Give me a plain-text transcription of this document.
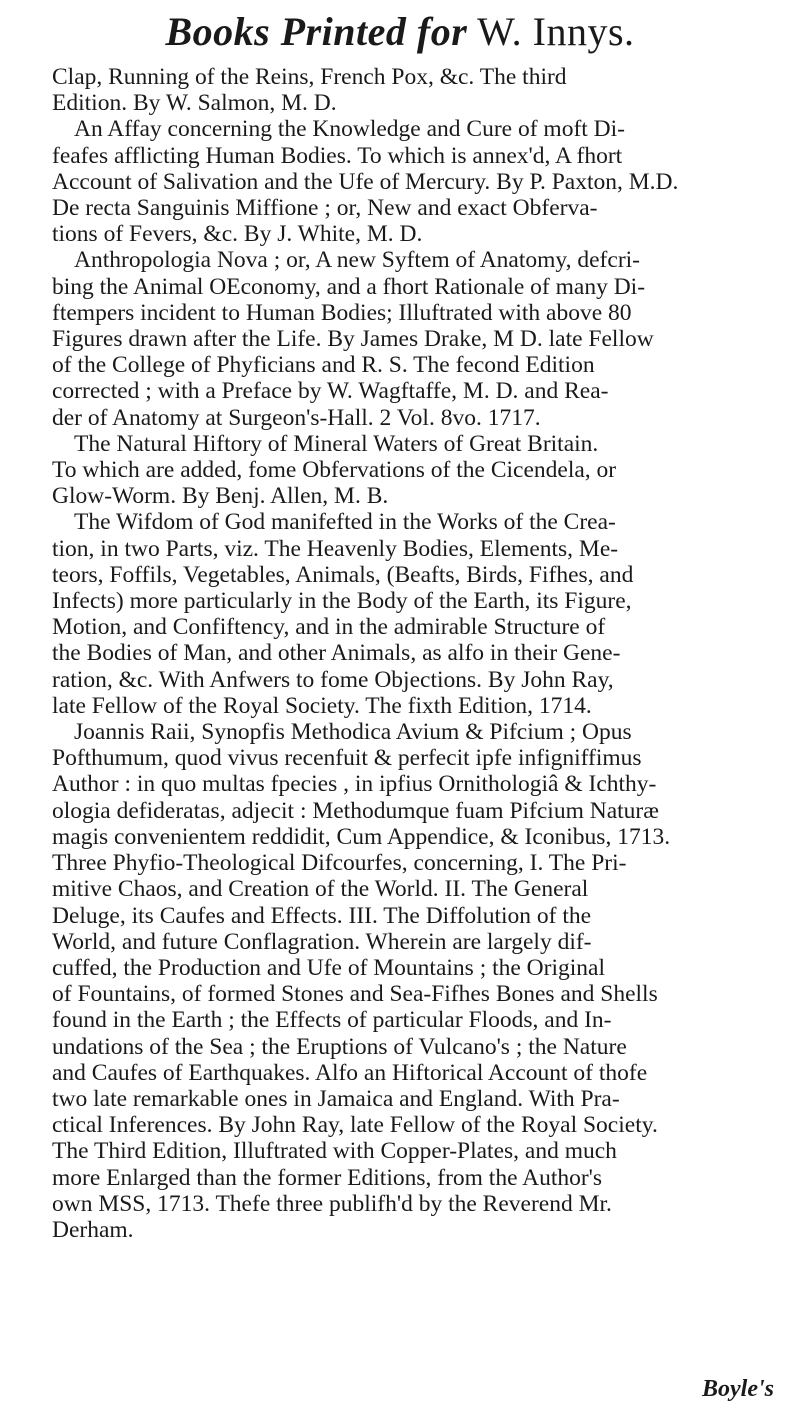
Books Printed for W. Innys.
Clap, Running of the Reins, French Pox, &c. The third
Edition. By W. Salmon, M. D.
An Affay concerning the Knowledge and Cure of moft Di-
feafes afflicting Human Bodies. To which is annex'd, A fhort
Account of Salivation and the Ufe of Mercury. By P. Paxton, M.D.
De recta Sanguinis Miffione ; or, New and exact Obferva-
tions of Fevers, &c. By J. White, M. D.
Anthropologia Nova ; or, A new Syftem of Anatomy, defcri-
bing the Animal OEconomy, and a fhort Rationale of many Di-
ftempers incident to Human Bodies; Illuftrated with above 80
Figures drawn after the Life. By James Drake, M D. late Fellow
of the College of Phyficians and R. S. The fecond Edition
corrected ; with a Preface by W. Wagftaffe, M. D. and Rea-
der of Anatomy at Surgeon's-Hall. 2 Vol. 8vo. 1717.
The Natural Hiftory of Mineral Waters of Great Britain.
To which are added, fome Obfervations of the Cicendela, or
Glow-Worm. By Benj. Allen, M. B.
The Wifdom of God manifefted in the Works of the Crea-
tion, in two Parts, viz. The Heavenly Bodies, Elements, Me-
teors, Foffils, Vegetables, Animals, (Beafts, Birds, Fifhes, and
Infects) more particularly in the Body of the Earth, its Figure,
Motion, and Confiftency, and in the admirable Structure of
the Bodies of Man, and other Animals, as alfo in their Gene-
ration, &c. With Anfwers to fome Objections. By John Ray,
late Fellow of the Royal Society. The fixth Edition, 1714.
Joannis Raii, Synopfis Methodica Avium & Pifcium ; Opus
Pofthumum, quod vivus recenfuit & perfecit ipfe infigniffimus
Author : in quo multas fpecies , in ipfius Ornithologiâ & Ichthy-
ologia defideratas, adjecit : Methodumque fuam Pifcium Naturæ
magis convenientem reddidit, Cum Appendice, & Iconibus, 1713.
Three Phyfio-Theological Difcourfes, concerning, I. The Pri-
mitive Chaos, and Creation of the World. II. The General
Deluge, its Caufes and Effects. III. The Diffolution of the
World, and future Conflagration. Wherein are largely dif-
cuffed, the Production and Ufe of Mountains ; the Original
of Fountains, of formed Stones and Sea-Fifhes Bones and Shells
found in the Earth ; the Effects of particular Floods, and In-
undations of the Sea ; the Eruptions of Vulcano's ; the Nature
and Caufes of Earthquakes. Alfo an Hiftorical Account of thofe
two late remarkable ones in Jamaica and England. With Pra-
ctical Inferences. By John Ray, late Fellow of the Royal Society.
The Third Edition, Illuftrated with Copper-Plates, and much
more Enlarged than the former Editions, from the Author's
own MSS, 1713. Thefe three publifh'd by the Reverend Mr.
Derham.
Boyle's
